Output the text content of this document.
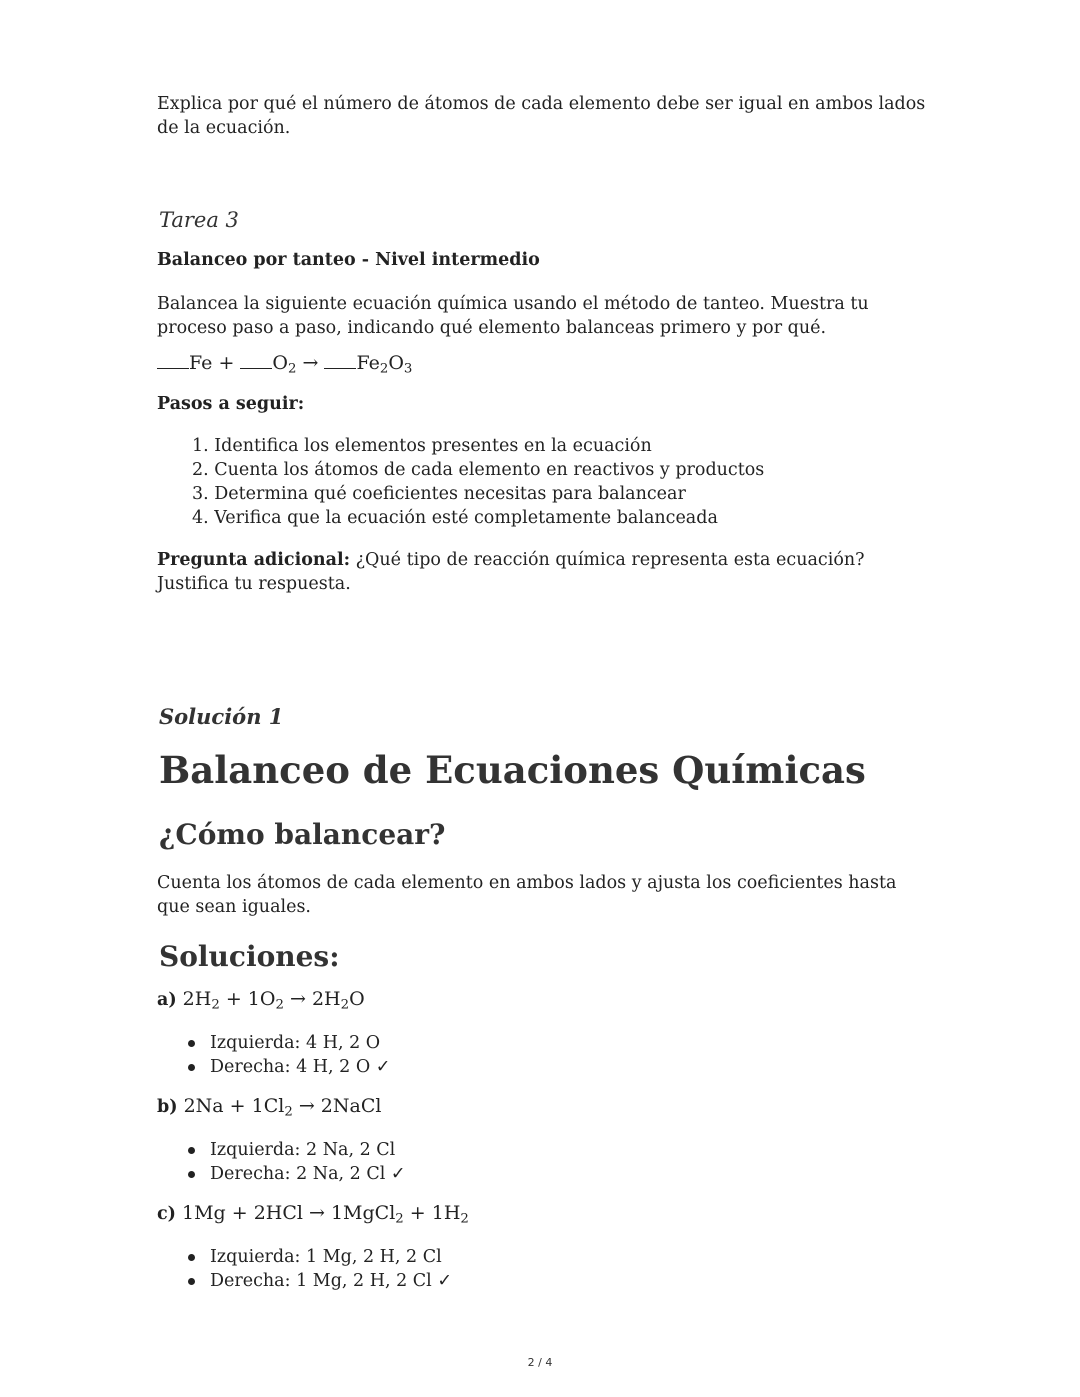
Explica por qué el número de átomos de cada elemento debe ser igual en ambos lados de la ecuación.

Tarea 3
Balanceo por tanteo - Nivel intermedio

Balancea la siguiente ecuación química usando el método de tanteo. Muestra tu proceso paso a paso, indicando qué elemento balanceas primero y por qué.

$Fe + O_2 \to Fe_2O_3$
Pasos a seguir:
1. Identifica los elementos presentes en la ecuación
2. Cuenta los átomos de cada elemento en reactivos y productos
3. Determina qué coeficientes necesitas para balancear
4. Verifica que la ecuación esté completamente balanceada

Pregunta adicional: ¿Qué tipo de reacción química representa esta ecuación? Justifica tu respuesta.

Solución 1
Balanceo de Ecuaciones Químicas
¿Cómo balancear?

Cuenta los átomos de cada elemento en ambos lados y ajusta los coeficientes hasta que sean iguales.

Soluciones:
a) $2H_2 + 1O_2 \to 2H_2O$
Izquierda: 4 H, 2 O
Derecha: 4 H, 2 O ✓
b) $2Na + 1Cl_2$ → 2NaCl
Izquierda: 2 Na, 2 Cl
Derecha: 2 Na, 2 Cl ✓
c) 1Mg + 2HCl → 1MgCl$_2$ + $1H_2$
Izquierda: 1 Mg, 2 H, 2 Cl
Derecha: 1 Mg, 2 H, 2 Cl ✓
2 / 4
